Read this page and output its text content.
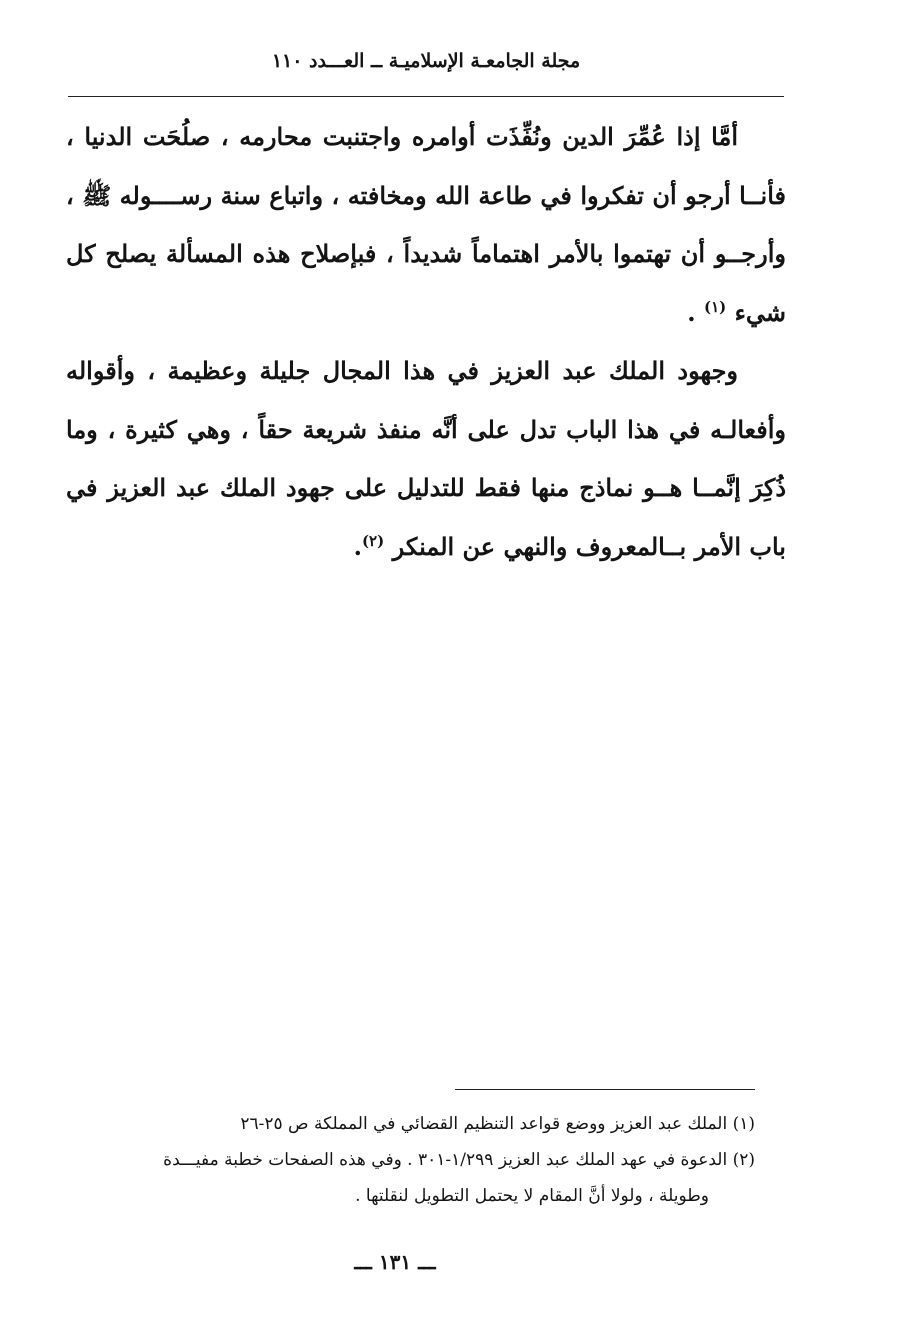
مجلة الجامعـة الإسلاميـة ــ العـــدد ١١٠

أمَّا إذا عُمِّرَ الدين ونُفِّذَت أوامره واجتنبت محارمه ، صلُحَت الدنيا ، فأنــا أرجو أن تفكروا في طاعة الله ومخافته ، واتباع سنة رســــوله ﷺ ، وأرجــو أن تهتموا بالأمر اهتماماً شديداً ، فبإصلاح هذه المسألة يصلح كل شيء $^{(١)}$ .

وجهود الملك عبد العزيز في هذا المجال جليلة وعظيمة ، وأقواله وأفعالـه في هذا الباب تدل على أنَّه منفذ شريعة حقاً ، وهي كثيرة ، وما ذُكِرَ إنَّمــا هــو نماذج منها فقط للتدليل على جهود الملك عبد العزيز في باب الأمر بــالمعروف والنهي عن المنكر $^{(٢)}$.

(١) الملك عبد العزيز ووضع قواعد التنظيم القضائي في المملكة ص ٢٥-٢٦
(٢) الدعوة في عهد الملك عبد العزيز ١/٢٩٩-٣٠١ . وفي هذه الصفحات خطبة مفيـــدة
وطويلة ، ولولا أنَّ المقام لا يحتمل التطويل لنقلتها .
ـــ ١٣١ ـــ
